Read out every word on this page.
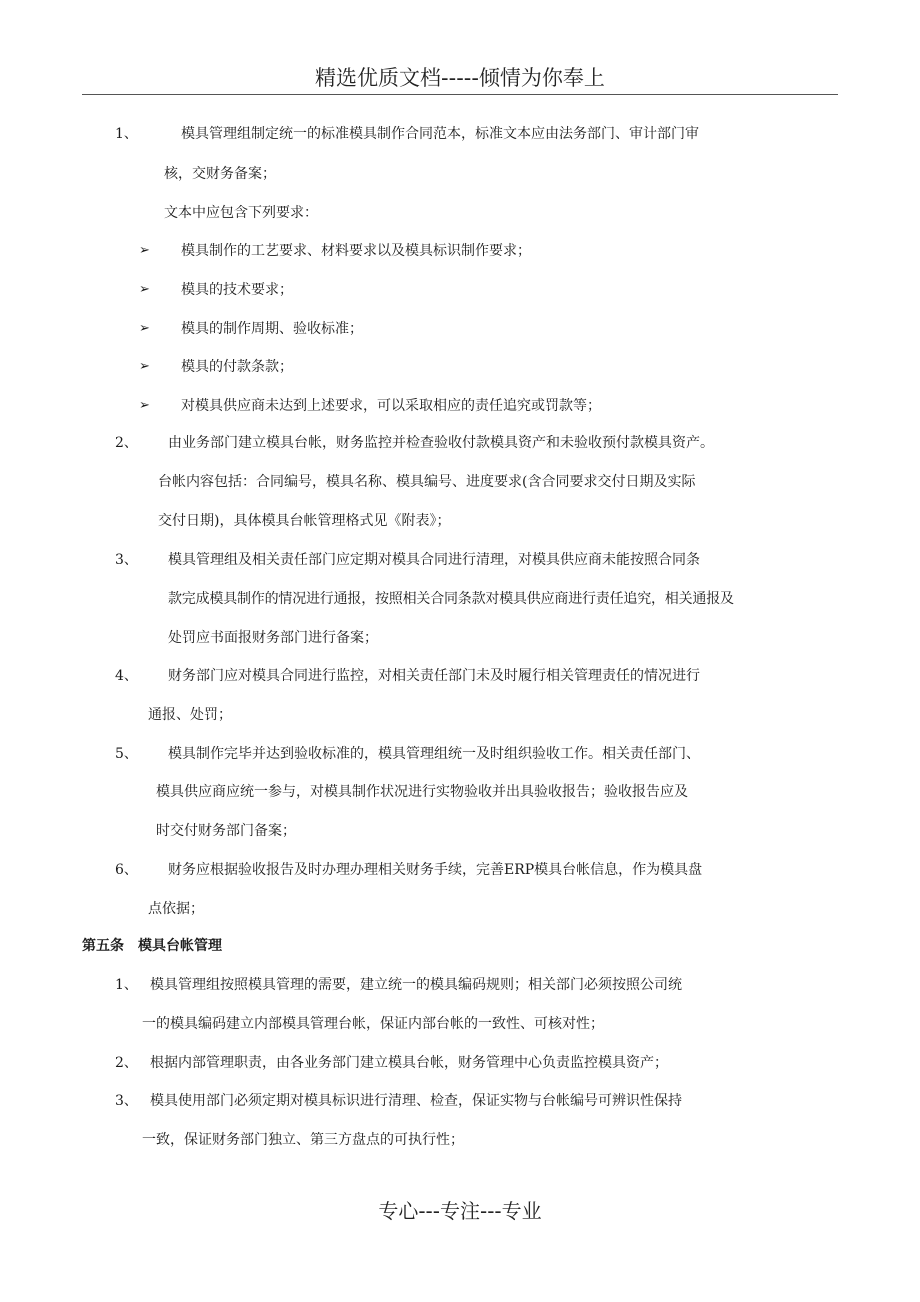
精选优质文档-----倾情为你奉上
1、	模具管理组制定统一的标准模具制作合同范本，标准文本应由法务部门、审计部门审
核，交财务备案；
文本中应包含下列要求：
➢ 模具制作的工艺要求、材料要求以及模具标识制作要求；
➢ 模具的技术要求；
➢ 模具的制作周期、验收标准；
➢ 模具的付款条款；
➢ 对模具供应商未达到上述要求，可以采取相应的责任追究或罚款等；
2、 由业务部门建立模具台帐，财务监控并检查验收付款模具资产和未验收预付款模具资产。
台帐内容包括：合同编号，模具名称、模具编号、进度要求(含合同要求交付日期及实际
交付日期)，具体模具台帐管理格式见《附表》；
3、 模具管理组及相关责任部门应定期对模具合同进行清理，对模具供应商未能按照合同条
款完成模具制作的情况进行通报，按照相关合同条款对模具供应商进行责任追究，相关通报及
处罚应书面报财务部门进行备案；
4、 财务部门应对模具合同进行监控，对相关责任部门未及时履行相关管理责任的情况进行
通报、处罚；
5、 模具制作完毕并达到验收标准的，模具管理组统一及时组织验收工作。相关责任部门、
模具供应商应统一参与，对模具制作状况进行实物验收并出具验收报告；验收报告应及
时交付财务部门备案；
6、 财务应根据验收报告及时办理办理相关财务手续，完善ERP模具台帐信息，作为模具盘
点依据；
第五条　模具台帐管理
1、 模具管理组按照模具管理的需要，建立统一的模具编码规则；相关部门必须按照公司统
一的模具编码建立内部模具管理台帐，保证内部台帐的一致性、可核对性；
2、 根据内部管理职责，由各业务部门建立模具台帐，财务管理中心负责监控模具资产；
3、 模具使用部门必须定期对模具标识进行清理、检查，保证实物与台帐编号可辨识性保持
一致，保证财务部门独立、第三方盘点的可执行性；
专心---专注---专业
